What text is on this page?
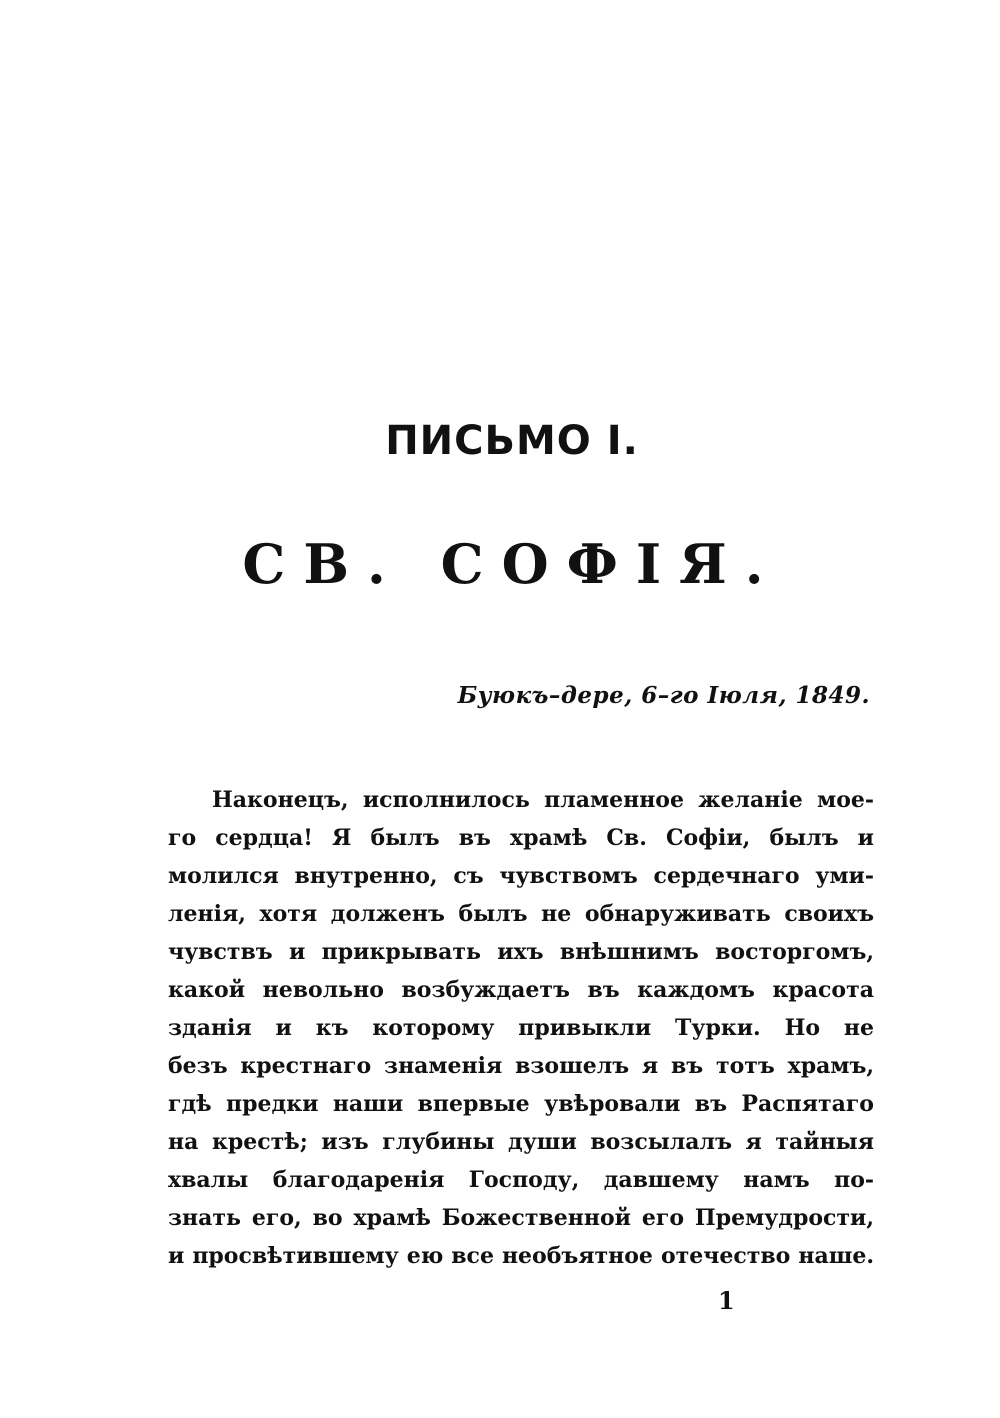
ПИСЬМО І.
СВ. СОФІЯ.
Буюкъ–дере, 6–го Іюля, 1849.
Наконецъ, исполнилось пламенное желаніе мое-
го сердца! Я былъ въ храмѣ Св. Софіи, былъ и
молился внутренно, съ чувствомъ сердечнаго уми-
ленія, хотя долженъ былъ не обнаруживать своихъ
чувствъ и прикрывать ихъ внѣшнимъ восторгомъ,
какой невольно возбуждаетъ въ каждомъ красота
зданія и къ которому привыкли Турки. Но не
безъ крестнаго знаменія взошелъ я въ тотъ храмъ,
гдѣ предки наши впервые увѣровали въ Распятаго
на крестѣ; изъ глубины души возсылалъ я тайныя
хвалы благодаренія Господу, давшему намъ по-
знать его, во храмѣ Божественной его Премудрости,
и просвѣтившему ею все необъятное отечество наше.
1
